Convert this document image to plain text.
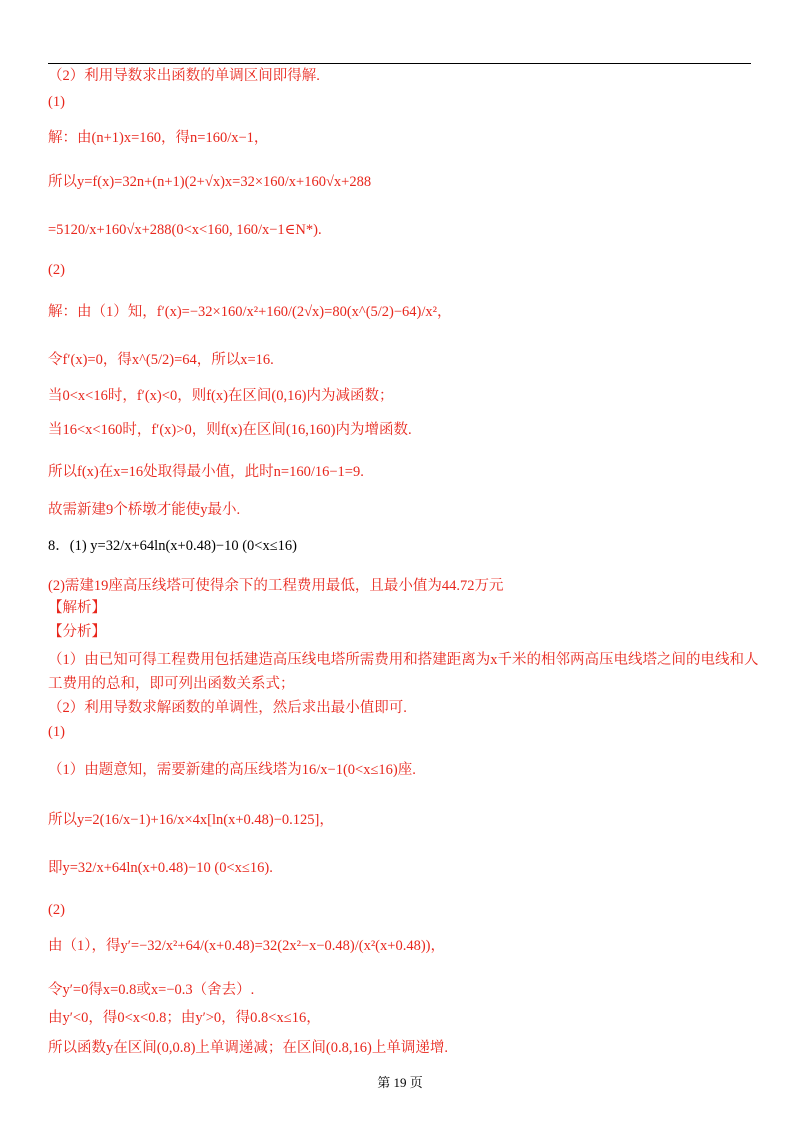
（2）利用导数求出函数的单调区间即得解.
(1)
解：由(n+1)x=160，得n=160/x−1，
所以y=f(x)=32n+(n+1)(2+√x)x=32×160/x+160√x+288
=5120/x+160√x+288(0<x<160, 160/x−1∈N*).
(2)
解：由（1）知，f′(x)=−32×160/x²+160/(2√x)=80(x^(5/2)−64)/x²，
令f′(x)=0，得x^(5/2)=64，所以x=16.
当0<x<16时，f′(x)<0，则f(x)在区间(0,16)内为减函数；
当16<x<160时，f′(x)>0，则f(x)在区间(16,160)内为增函数.
所以f(x)在x=16处取得最小值，此时n=160/16−1=9.
故需新建9个桥墩才能使y最小.
8．(1) y=32/x+64ln(x+0.48)−10 (0<x≤16)
(2)需建19座高压线塔可使得余下的工程费用最低，且最小值为44.72万元
【解析】
【分析】
（1）由已知可得工程费用包括建造高压线电塔所需费用和搭建距离为x千米的相邻两高压电线塔之间的电线和人
工费用的总和，即可列出函数关系式；
（2）利用导数求解函数的单调性，然后求出最小值即可.
(1)
（1）由题意知，需要新建的高压线塔为16/x−1(0<x≤16)座.
所以y=2(16/x−1)+16/x×4x[ln(x+0.48)−0.125]，
即y=32/x+64ln(x+0.48)−10 (0<x≤16).
(2)
由（1），得y′=−32/x²+64/(x+0.48)=32(2x²−x−0.48)/(x²(x+0.48))，
令y′=0得x=0.8或x=−0.3（舍去）.
由y′<0，得0<x<0.8；由y′>0，得0.8<x≤16，
所以函数y在区间(0,0.8)上单调递减；在区间(0.8,16)上单调递增.
第 19 页
